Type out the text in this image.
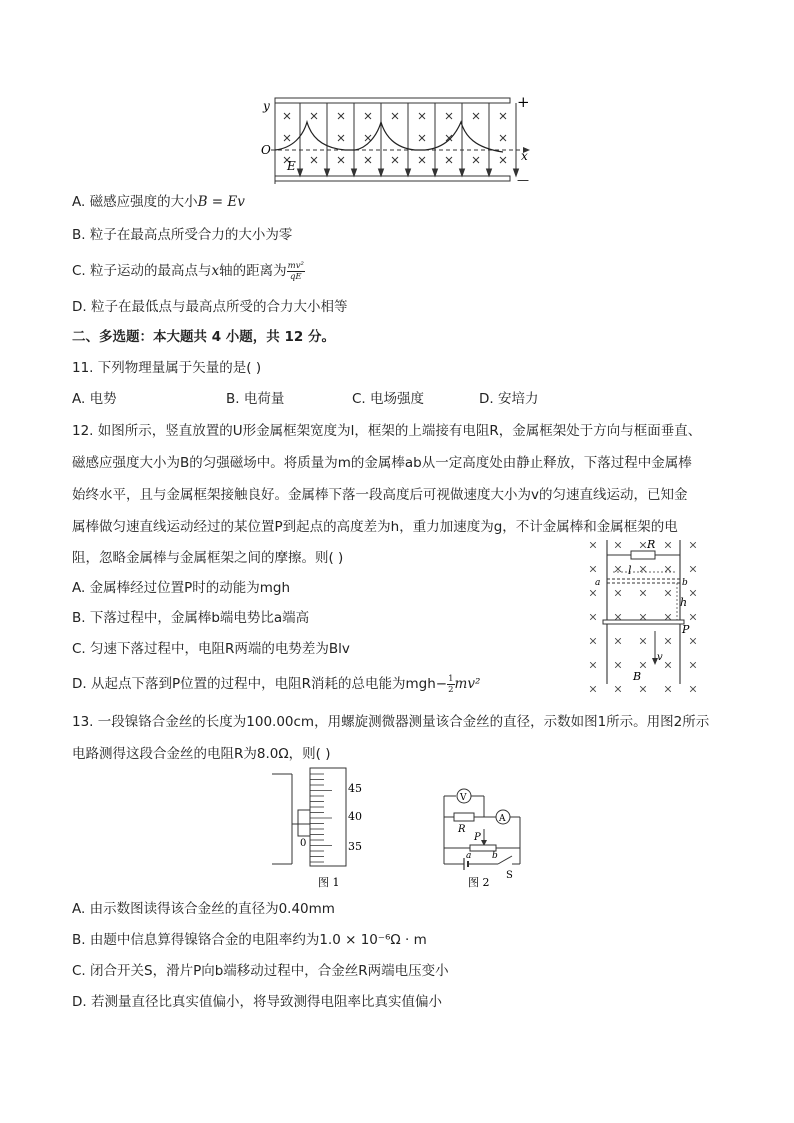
y
O	x
E
+
—
A. 磁感应强度的大小B = Ev
B. 粒子在最高点所受合力的大小为零
C. 粒子运动的最高点与x轴的距离为 $\frac{\text{mv²}}{qE}$
D. 粒子在最低点与最高点所受的合力大小相等
二、多选题：本大题共 4 小题，共 12 分。
11. 下列物理量属于矢量的是( )
A. 电势	B. 电荷量	C. 电场强度	D. 安培力
12. 如图所示，竖直放置的U形金属框架宽度为l，框架的上端接有电阻R，金属框架处于方向与框面垂直、
磁感应强度大小为B的匀强磁场中。将质量为m的金属棒ab从一定高度处由静止释放，下落过程中金属棒
始终水平，且与金属框架接触良好。金属棒下落一段高度后可视做速度大小为v的匀速直线运动，已知金
属棒做匀速直线运动经过的某位置P到起点的高度差为h，重力加速度为g，不计金属棒和金属框架的电
阻，忽略金属棒与金属框架之间的摩擦。则( )
A. 金属棒经过位置P时的动能为mgh
B. 下落过程中，金属棒b端电势比a端高
C. 匀速下落过程中，电阻R两端的电势差为Blv
D. 从起点下落到P位置的过程中，电阻R消耗的总电能为$mgh- \frac{1}{2} mv^2$
R
l
a	b
h
P
v
B
13. 一段镍铬合金丝的长度为100.00cm，用螺旋测微器测量该合金丝的直径，示数如图1所示。用图2所示
电路测得这段合金丝的电阻R为8.0Ω，则( )
45
40
35
0
图 1
V
A
R
P
a b
S
图 2
A. 由示数图读得该合金丝的直径为0.40mm
B. 由题中信息算得镍铬合金的电阻率约为1.0 × 10⁻⁶Ω · m
C. 闭合开关S，滑片P向b端移动过程中，合金丝R两端电压变小
D. 若测量直径比真实值偏小，将导致测得电阻率比真实值偏小
